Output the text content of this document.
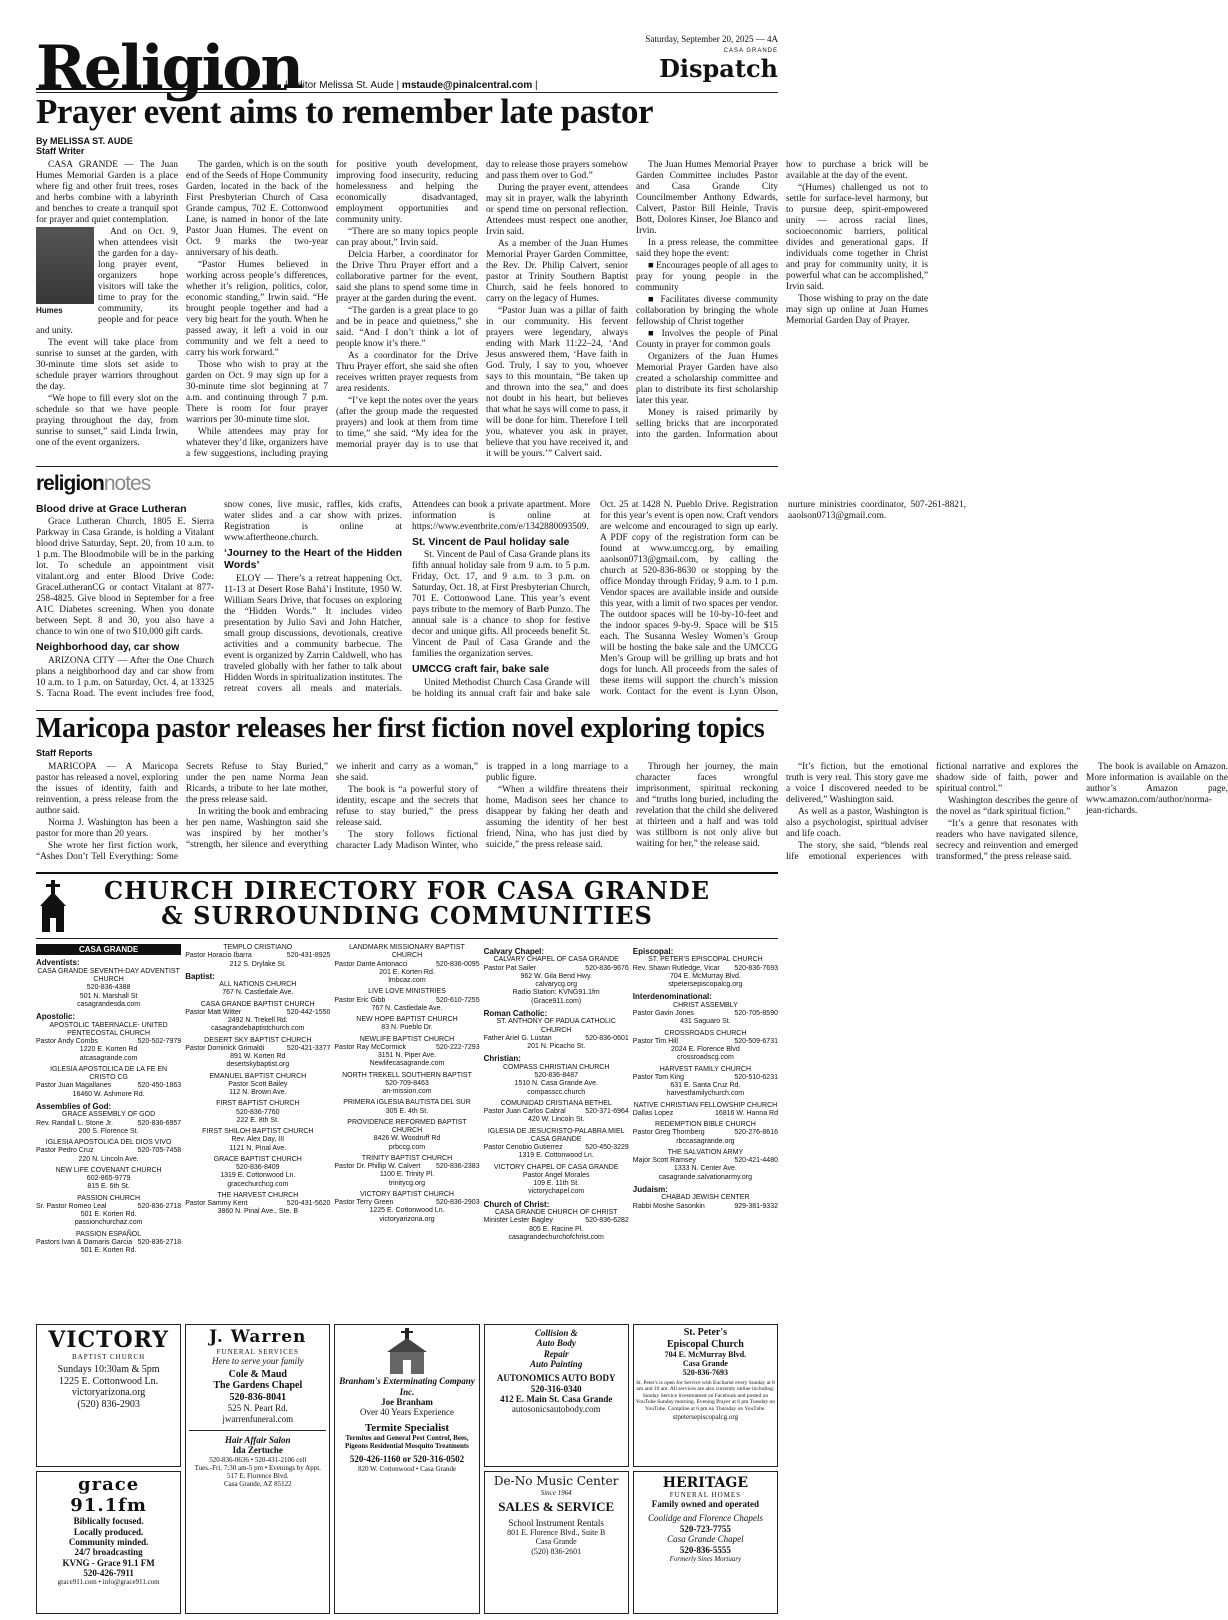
Saturday, September 20, 2025 — 4A
Religion
| Editor Melissa St. Aude | mstaude@pinalcentral.com |
CASA GRANDE
Dispatch
Prayer event aims to remember late pastor
By MELISSA ST. AUDE
Staff Writer

CASA GRANDE — The Juan Humes Memorial Garden is a place where fig and other fruit trees, roses and herbs combine with a labyrinth and benches to create a tranquil spot for prayer and quiet contemplation.

Humes

And on Oct. 9, when attendees visit the garden for a day-long prayer event, organizers hope visitors will take the time to pray for the community, its people and for peace and unity.

The event will take place from sunrise to sunset at the garden, with 30-minute time slots set aside to schedule prayer warriors throughout the day.

“We hope to fill every slot on the schedule so that we have people praying throughout the day, from sunrise to sunset,” said Linda Irwin, one of the event organizers.

The garden, which is on the south end of the Seeds of Hope Community Garden, located in the back of the First Presbyterian Church of Casa Grande campus, 702 E. Cottonwood Lane, is named in honor of the late Pastor Juan Humes. The event on Oct. 9 marks the two-year anniversary of his death.

“Pastor Humes believed in working across people’s differences, whether it’s religion, politics, color, economic standing,” Irwin said. “He brought people together and had a very big heart for the youth. When he passed away, it left a void in our community and we felt a need to carry his work forward.”

Those who wish to pray at the garden on Oct. 9 may sign up for a 30-minute time slot beginning at 7 a.m. and continuing through 7 p.m. There is room for four prayer warriors per 30-minute time slot.

While attendees may pray for whatever they’d like, organizers have a few suggestions, including praying for positive youth development, improving food insecurity, reducing homelessness and helping the economically disadvantaged, employment opportunities and community unity.

“There are so many topics people can pray about,” Irvin said.

Delcia Harber, a coordinator for the Drive Thru Prayer effort and a collaborative partner for the event, said she plans to spend some time in prayer at the garden during the event.

“The garden is a great place to go and be in peace and quietness,” she said. “And I don’t think a lot of people know it’s there.”

As a coordinator for the Drive Thru Prayer effort, she said she often receives written prayer requests from area residents.

“I’ve kept the notes over the years (after the group made the requested prayers) and look at them from time to time,” she said. “My idea for the memorial prayer day is to use that day to release those prayers somehow and pass them over to God.”

During the prayer event, attendees may sit in prayer, walk the labyrinth or spend time on personal reflection. Attendees must respect one another, Irvin said.

As a member of the Juan Humes Memorial Prayer Garden Committee, the Rev. Dr. Philip Calvert, senior pastor at Trinity Southern Baptist Church, said he feels honored to carry on the legacy of Humes.

“Pastor Juan was a pillar of faith in our community. His fervent prayers were legendary, always ending with Mark 11:22–24, ‘And Jesus answered them, ‘Have faith in God. Truly, I say to you, whoever says to this mountain, “Be taken up and thrown into the sea,” and does not doubt in his heart, but believes that what he says will come to pass, it will be done for him. Therefore I tell you, whatever you ask in prayer, believe that you have received it, and it will be yours.’” Calvert said.

The Juan Humes Memorial Prayer Garden Committee includes Pastor and Casa Grande City Councilmember Anthony Edwards, Calvert, Pastor Bill Heinle, Travis Bott, Dolores Kinser, Joe Blanco and Irvin.

In a press release, the committee said they hope the event:

■ Encourages people of all ages to pray for young people in the community

■ Facilitates diverse community collaboration by bringing the whole fellowship of Christ together

■ Involves the people of Pinal County in prayer for common goals

Organizers of the Juan Humes Memorial Prayer Garden have also created a scholarship committee and plan to distribute its first scholarship later this year.

Money is raised primarily by selling bricks that are incorporated into the garden. Information about how to purchase a brick will be available at the day of the event.

“(Humes) challenged us not to settle for surface-level harmony, but to pursue deep, spirit-empowered unity — across racial lines, socioeconomic barriers, political divides and generational gaps. If individuals come together in Christ and pray for community unity, it is powerful what can be accomplished,” Irvin said.

Those wishing to pray on the date may sign up online at Juan Humes Memorial Garden Day of Prayer.

religionnotes
Blood drive at Grace Lutheran

Grace Lutheran Church, 1805 E. Sierra Parkway in Casa Grande, is holding a Vitalant blood drive Saturday, Sept. 20, from 10 a.m. to 1 p.m. The Bloodmobile will be in the parking lot. To schedule an appointment visit vitalant.org and enter Blood Drive Code: GraceLutheranCG or contact Vitalant at 877-258-4825. Give blood in September for a free A1C Diabetes screening. When you donate between Sept. 8 and 30, you also have a chance to win one of two $10,000 gift cards.

Neighborhood day, car show

ARIZONA CITY — After the One Church plans a neighborhood day and car show from 10 a.m. to 1 p.m. on Saturday, Oct. 4, at 13325 S. Tacna Road. The event includes free food, snow cones, live music, raffles, kids crafts, water slides and a car show with prizes. Registration is online at www.aftertheone.church.

‘Journey to the Heart of the Hidden Words’

ELOY — There’s a retreat happening Oct. 11-13 at Desert Rose Bahá’í Institute, 1950 W. William Sears Drive, that focuses on exploring the “Hidden Words.” It includes video presentation by Julio Savi and John Hatcher, small group discussions, devotionals, creative activities and a community barbecue. The event is organized by Zarrin Caldwell, who has traveled globally with her father to talk about Hidden Words in spiritualization institutes. The retreat covers all meals and materials. Attendees can book a private apartment. More information is online at https://www.eventbrite.com/e/1342880093509.

St. Vincent de Paul holiday sale

St. Vincent de Paul of Casa Grande plans its fifth annual holiday sale from 9 a.m. to 5 p.m. Friday, Oct. 17, and 9 a.m. to 3 p.m. on Saturday, Oct. 18, at First Presbyterian Church, 701 E. Cottonwood Lane. This year’s event pays tribute to the memory of Barb Punzo. The annual sale is a chance to shop for festive decor and unique gifts. All proceeds benefit St. Vincent de Paul of Casa Grande and the families the organization serves.

UMCCG craft fair, bake sale

United Methodist Church Casa Grande will be holding its annual craft fair and bake sale Oct. 25 at 1428 N. Pueblo Drive. Registration for this year’s event is open now. Craft vendors are welcome and encouraged to sign up early. A PDF copy of the registration form can be found at www.umccg.org, by emailing aaolson0713@gmail.com, by calling the church at 520-836-8630 or stopping by the office Monday through Friday, 9 a.m. to 1 p.m. Vendor spaces are available inside and outside this year, with a limit of two spaces per vendor. The outdoor spaces will be 10-by-10-feet and the indoor spaces 9-by-9. Space will be $15 each. The Susanna Wesley Women’s Group will be hosting the bake sale and the UMCCG Men’s Group will be grilling up brats and hot dogs for lunch. All proceeds from the sales of these items will support the church’s mission work. Contact for the event is Lynn Olson, nurture ministries coordinator, 507-261-8821, aaolson0713@gmail.com.

Maricopa pastor releases her first fiction novel exploring topics
Staff Reports

MARICOPA — A Maricopa pastor has released a novel, exploring the issues of identity, faith and reinvention, a press release from the author said.

Norma J. Washington has been a pastor for more than 20 years.

She wrote her first fiction work, “Ashes Don’t Tell Everything: Some Secrets Refuse to Stay Buried,” under the pen name Norma Jean Ricards, a tribute to her late mother, the press release said.

In writing the book and embracing her pen name, Washington said she was inspired by her mother’s “strength, her silence and everything we inherit and carry as a woman,” she said.

The book is “a powerful story of identity, escape and the secrets that refuse to stay buried,” the press release said.

The story follows fictional character Lady Madison Winter, who is trapped in a long marriage to a public figure.

“When a wildfire threatens their home, Madison sees her chance to disappear by faking her death and assuming the identity of her best friend, Nina, who has just died by suicide,” the press release said.

Through her journey, the main character faces wrongful imprisonment, spiritual reckoning and “truths long buried, including the revelation that the child she delivered at thirteen and a half and was told was stillborn is not only alive but waiting for her,” the release said.

“It’s fiction, but the emotional truth is very real. This story gave me a voice I discovered needed to be delivered,” Washington said.

As well as a pastor, Washington is also a psychologist, spiritual adviser and life coach.

The story, she said, “blends real life emotional experiences with fictional narrative and explores the shadow side of faith, power and spiritual control.”

Washington describes the genre of the novel as “dark spiritual fiction.”

“It’s a genre that resonates with readers who have navigated silence, secrecy and reinvention and emerged transformed,” the press release said.

The book is available on Amazon. More information is available on the author’s Amazon page, www.amazon.com/author/norma-jean-richards.

CHURCH DIRECTORY FOR CASA GRANDE
& SURROUNDING COMMUNITIES
CASA GRANDE
Adventists:
CASA GRANDE SEVENTH-DAY ADVENTIST CHURCH
520-836-4388
501 N. Marshall St
casagrandesda.com
Apostolic:
APOSTOLIC TABERNACLE- UNITED PENTECOSTAL CHURCH
Pastor Andy Combs	520-502-7979
1220 E. Korten Rd
atcasagrande.com
IGLESIA APOSTOLICA DE LA FE EN CRISTO CG
Pastor Juan Magallanes	520-450-1863
16460 W. Ashmore Rd.
Assemblies of God:
GRACE ASSEMBLY OF GOD
Rev. Randall L. Stone Jr.	520-836-6957
200 S. Florence St.
IGLESIA APOSTOLICA DEL DIOS VIVO
Pastor Pedro Cruz	520-705-7458
220 N. Lincoln Ave.
NEW LIFE COVENANT CHURCH
602-865-9779
815 E. 6th St.
PASSION CHURCH
Sr. Pastor Romeo Leal	520-836-2718
501 E. Korten Rd.
passionchurchaz.com
PASSION ESPAÑOL
Pastors Ivan & Damaris Garcia 520-836-2718
501 E. Korten Rd.
TEMPLO CRISTIANO
Pastor Horacio Ibarra	520-431-8925
212 S. Drylake St.
Baptist:
ALL NATIONS CHURCH
767 N. Castledale Ave.
CASA GRANDE BAPTIST CHURCH
Pastor Matt Witter	520-442-1550
2492 N. Trekell Rd.
casagrandebaptistchurch.com
DESERT SKY BAPTIST CHURCH
Pastor Dominick Grimaldi	520-421-3377
891 W. Korten Rd
desertskybaptist.org
EMANUEL BAPTIST CHURCH
Pastor Scott Bailey
112 N. Brown Ave.
FIRST BAPTIST CHURCH
520-836-7760
222 E. 8th St.
FIRST SHILOH BAPTIST CHURCH
Rev. Alex Day, III
1121 N. Pinal Ave.
GRACE BAPTIST CHURCH
520-836-8409
1319 E. Cottonwood Ln.
gracechurchcg.com
THE HARVEST CHURCH
Pastor Sammy Kent	520-431-5620
3860 N. Pinal Ave., Ste. B
LANDMARK MISSIONARY BAPTIST CHURCH
Pastor Dante Antonacci	520-836-0095
201 E. Korten Rd.
lmbcaz.com
LIVE LOVE MINISTRIES
Pastor Eric Gibb	520-610-7255
767 N. Castledale Ave.
NEW HOPE BAPTIST CHURCH
83 N. Pueblo Dr.
NEWLIFE BAPTIST CHURCH
Pastor Ray McCormick	520-222-7293
3151 N. Piper Ave.
Newlifecasagrande.com
NORTH TREKELL SOUTHERN BAPTIST
520-709-8463
an-mission.com
PRIMERA IGLESIA BAUTISTA DEL SUR
305 E. 4th St.
PROVIDENCE REFORMED BAPTIST CHURCH
8426 W. Woodruff Rd
prbccg.com
TRINITY BAPTIST CHURCH
Pastor Dr. Phillip W. Calvert 520-836-2383
1100 E. Trinity Pl.
trinitycg.org
VICTORY BAPTIST CHURCH
Pastor Terry Green	520-836-2903
1225 E. Cottonwood Ln.
victoryarizona.org
Calvary Chapel:
CALVARY CHAPEL OF CASA GRANDE
Pastor Pat Sailer	520-836-9676
962 W. Gila Bend Hwy.
calvarycg.org
Radio Station: KVNG91.1fm
(Grace911.com)
Roman Catholic:
ST. ANTHONY OF PADUA CATHOLIC CHURCH
Father Ariel G. Lustan	520-836-0601
201 N. Picacho St.
Christian:
COMPASS CHRISTIAN CHURCH
520-836-8487
1510 N. Casa Grande Ave.
compasscc.church
COMUNIDAD CRISTIANA BETHEL
Pastor Juan Carlos Cabral	520-371-6964
420 W. Lincoln St.
IGLESIA DE JESUCRISTO-PALABRA MIEL CASA GRANDE
Pastor Cenobio Gutierrez	520-450-3229
1319 E. Cottonwood Ln.
VICTORY CHAPEL OF CASA GRANDE
Pastor Angel Morales
109 E. 11th St.
victorychapel.com
Church of Christ:
CASA GRANDE CHURCH OF CHRIST
Minister Lester Bagley	520-836-6282
805 E. Racine Pl.
casagrandechurchofchrist.com
Episcopal:
ST. PETER'S EPISCOPAL CHURCH
Rev. Shawn Rutledge, Vicar 520-836-7693
704 E. McMurray Blvd.
stpetersepiscopalcg.org
Interdenominational:
CHRIST ASSEMBLY
Pastor Gavin Jones	520-705-8590
431 Saguaro St.
CROSSROADS CHURCH
Pastor Tim Hill	520-509-6731
2024 E. Florence Blvd
crossroadscg.com
HARVEST FAMILY CHURCH
Pastor Tom King	520-510-6231
631 E. Santa Cruz Rd.
harvestfamilychurch.com
NATIVE CHRISTIAN FELLOWSHIP CHURCH
Dallas Lopez	16816 W. Hanna Rd
REDEMPTION BIBLE CHURCH
Pastor Greg Thornberg	520-276-8616
rbccasagrande.org
THE SALVATION ARMY
Major Scott Ramsey	520-421-4480
1333 N. Center Ave.
casagrande.salvationarmy.org
Judaism:
CHABAD JEWISH CENTER
Rabbi Moshe Sasonkin	929-381-9332
VICTORY
BAPTIST CHURCH
Sundays 10:30am & 5pm
1225 E. Cottonwood Ln.
victoryarizona.org
(520) 836-2903
J. Warren
FUNERAL SERVICES
Here to serve your family
Cole & Maud
The Gardens Chapel
520-836-8041
525 N. Peart Rd.
jwarrenfuneral.com
Hair Affair Salon
Ida Zertuche
520-836-0636 • 520-431-2106 cell
Tues.-Fri. 7:30 am-5 pm • Evenings by Appt.
517 E. Florence Blvd.
Casa Grande, AZ 85122
Branham's Exterminating Company Inc.
Joe Branham
Over 40 Years Experience
Termite Specialist
Termites and General Pest Control, Bees, Pigeons Residential Mosquito Treatments
520-426-1160 or 520-316-0502
820 W. Cottonwood • Casa Grande
Collision &
Auto Body
Repair
Auto Painting
AUTONOMICS AUTO BODY
520-316-0340
412 E. Main St. Casa Grande
autosonicsautobody.com
St. Peter's
Episcopal Church
704 E. McMurray Blvd.
Casa Grande
520-836-7693
St. Peter's is open for Service with Eucharist every Sunday at 8 am and 10 am. All services are also currently online including: Sunday Service livestreamed on Facebook and posted on YouTube Sunday morning. Evening Prayer at 6 pm Tuesday on YouTube. Compline at 6 pm on Thursday on YouTube.
stpetersepiscopalcg.org
grace 91.1fm
Biblically focused.
Locally produced.
Community minded.
24/7 broadcasting
KVNG - Grace 91.1 FM
520-426-7911
grace911.com • info@grace911.com
De-No Music Center
Since 1964
SALES & SERVICE
School Instrument Rentals
801 E. Florence Blvd., Suite B
Casa Grande
(520) 836-2601
HERITAGE
FUNERAL HOMES
Family owned and operated
Coolidge and Florence Chapels
520-723-7755
Casa Grande Chapel
520-836-5555
Formerly Sines Mortuary
